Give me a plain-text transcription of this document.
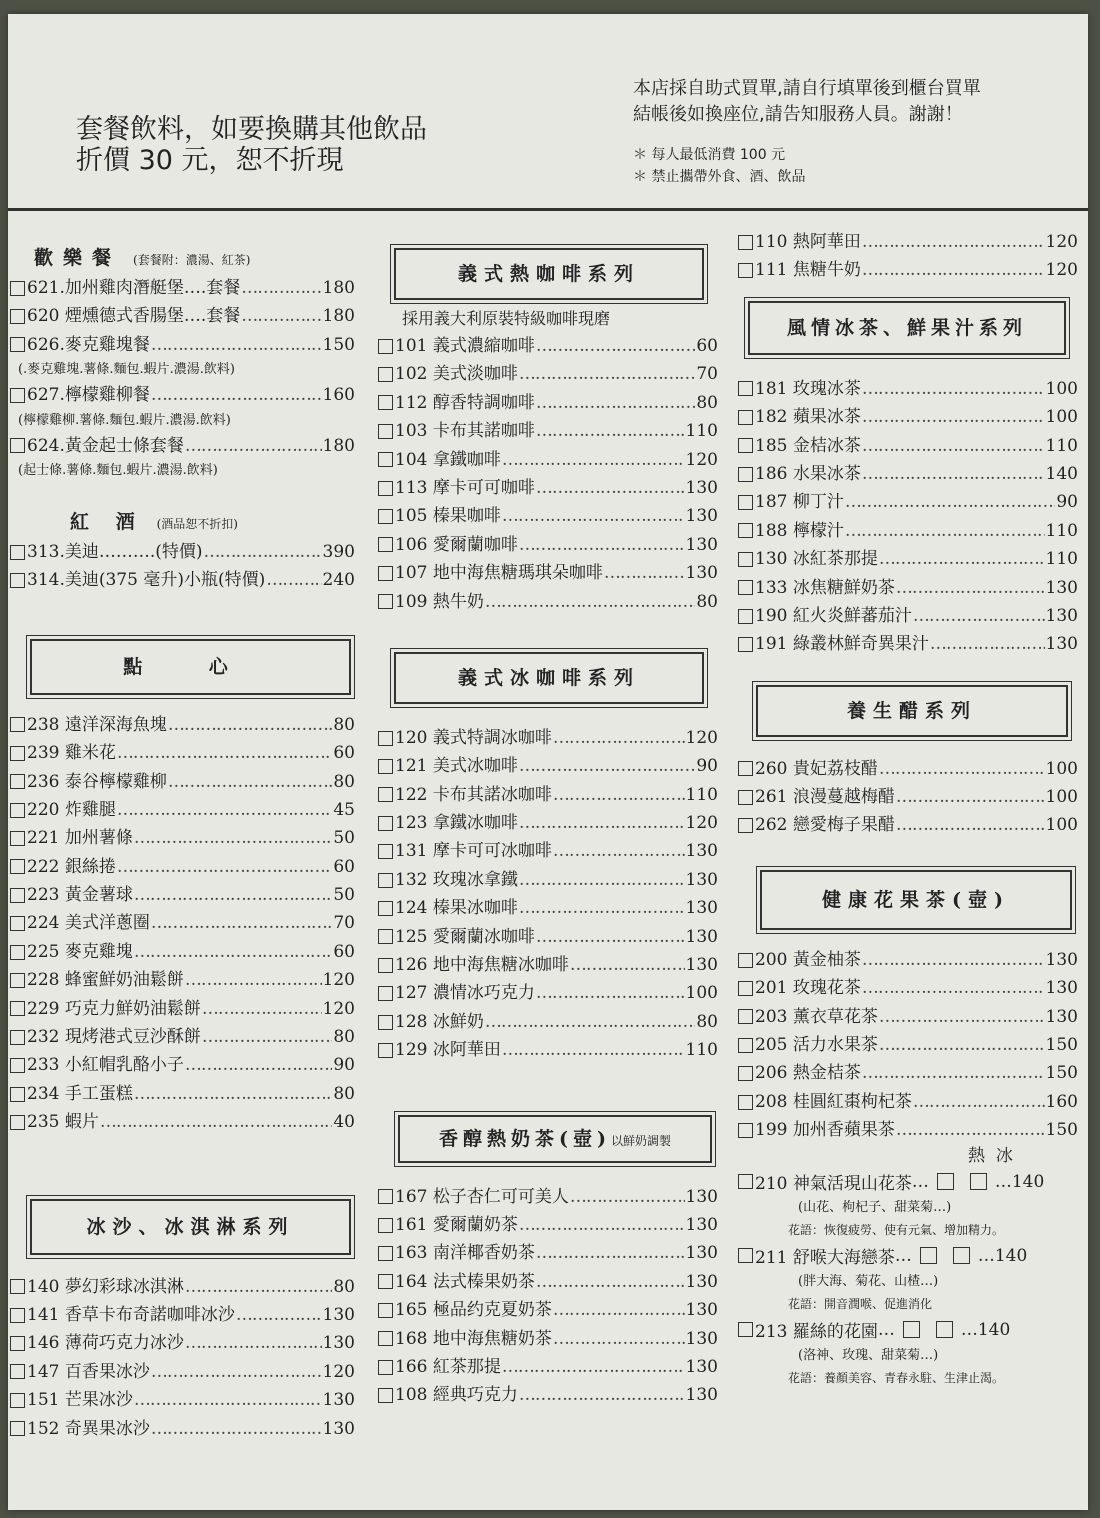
套餐飲料，如要換購其他飲品
折價 30 元，恕不折現
本店採自助式買單,請自行填單後到櫃台買單
結帳後如換座位,請告知服務人員。謝謝！
＊ 每人最低消費 100 元
＊ 禁止攜帶外食、酒、飲品
歡樂餐 (套餐附：濃湯、紅茶)
621.加州雞肉潛艇堡….套餐 ……………………………………………………………………………………………………………………………………	180
620 煙燻德式香腸堡….套餐 ……………………………………………………………………………………………………………………………………	180
626.麥克雞塊餐 ……………………………………………………………………………………………………………………………………	150
(.麥克雞塊.薯條.麵包.蝦片.濃湯.飲料)
627.檸檬雞柳餐 ……………………………………………………………………………………………………………………………………	160
(檸檬雞柳.薯條.麵包.蝦片.濃湯.飲料)
624.黃金起士條套餐 ……………………………………………………………………………………………………………………………………	180
(起士條.薯條.麵包.蝦片.濃湯.飲料)
紅 酒 (酒品恕不折扣)
313.美迪……….(特價) ……………………………………………………………………………………………………………………………………	390
314.美迪(375 毫升)小瓶(特價) ……………………………………………………………………………………………………………………………………	240
點 心
238 遠洋深海魚塊 ……………………………………………………………………………………………………………………………………	80
239 雞米花 ……………………………………………………………………………………………………………………………………	60
236 泰谷檸檬雞柳 ……………………………………………………………………………………………………………………………………	80
220 炸雞腿 ……………………………………………………………………………………………………………………………………	45
221 加州薯條 ……………………………………………………………………………………………………………………………………	50
222 銀絲捲 ……………………………………………………………………………………………………………………………………	60
223 黃金薯球 ……………………………………………………………………………………………………………………………………	50
224 美式洋蔥圈 ……………………………………………………………………………………………………………………………………	70
225 麥克雞塊 ……………………………………………………………………………………………………………………………………	60
228 蜂蜜鮮奶油鬆餅 ……………………………………………………………………………………………………………………………………	120
229 巧克力鮮奶油鬆餅 ……………………………………………………………………………………………………………………………………	120
232 現烤港式豆沙酥餅 ……………………………………………………………………………………………………………………………………	80
233 小紅帽乳酪小子 ……………………………………………………………………………………………………………………………………	90
234 手工蛋糕 ……………………………………………………………………………………………………………………………………	80
235 蝦片 ……………………………………………………………………………………………………………………………………	40
冰沙、冰淇淋系列
140 夢幻彩球冰淇淋 ……………………………………………………………………………………………………………………………………	80
141 香草卡布奇諾咖啡冰沙 ……………………………………………………………………………………………………………………………………	130
146 薄荷巧克力冰沙 ……………………………………………………………………………………………………………………………………	130
147 百香果冰沙 ……………………………………………………………………………………………………………………………………	120
151 芒果冰沙 ……………………………………………………………………………………………………………………………………	130
152 奇異果冰沙 ……………………………………………………………………………………………………………………………………	130
義式熱咖啡系列
採用義大利原裝特級咖啡現磨
101 義式濃縮咖啡 ……………………………………………………………………………………………………………………………………	60
102 美式淡咖啡 ……………………………………………………………………………………………………………………………………	70
112 醇香特調咖啡 ……………………………………………………………………………………………………………………………………	80
103 卡布其諾咖啡 ……………………………………………………………………………………………………………………………………	110
104 拿鐵咖啡 ……………………………………………………………………………………………………………………………………	120
113 摩卡可可咖啡 ……………………………………………………………………………………………………………………………………	130
105 榛果咖啡 ……………………………………………………………………………………………………………………………………	130
106 愛爾蘭咖啡 ……………………………………………………………………………………………………………………………………	130
107 地中海焦糖瑪琪朵咖啡 ……………………………………………………………………………………………………………………………………	130
109 熱牛奶 ……………………………………………………………………………………………………………………………………	80
義式冰咖啡系列
120 義式特調冰咖啡 ……………………………………………………………………………………………………………………………………	120
121 美式冰咖啡 ……………………………………………………………………………………………………………………………………	90
122 卡布其諾冰咖啡 ……………………………………………………………………………………………………………………………………	110
123 拿鐵冰咖啡 ……………………………………………………………………………………………………………………………………	120
131 摩卡可可冰咖啡 ……………………………………………………………………………………………………………………………………	130
132 玫瑰冰拿鐵 ……………………………………………………………………………………………………………………………………	130
124 榛果冰咖啡 ……………………………………………………………………………………………………………………………………	130
125 愛爾蘭冰咖啡 ……………………………………………………………………………………………………………………………………	130
126 地中海焦糖冰咖啡 ……………………………………………………………………………………………………………………………………	130
127 濃情冰巧克力 ……………………………………………………………………………………………………………………………………	100
128 冰鮮奶 ……………………………………………………………………………………………………………………………………	80
129 冰阿華田 ……………………………………………………………………………………………………………………………………	110
香醇熱奶茶(壺)以鮮奶調製
167 松子杏仁可可美人 ……………………………………………………………………………………………………………………………………	130
161 愛爾蘭奶茶 ……………………………………………………………………………………………………………………………………	130
163 南洋椰香奶茶 ……………………………………………………………………………………………………………………………………	130
164 法式榛果奶茶 ……………………………………………………………………………………………………………………………………	130
165 極品约克夏奶茶 ……………………………………………………………………………………………………………………………………	130
168 地中海焦糖奶茶 ……………………………………………………………………………………………………………………………………	130
166 紅茶那提 ……………………………………………………………………………………………………………………………………	130
108 經典巧克力 ……………………………………………………………………………………………………………………………………	130
110 熱阿華田 ……………………………………………………………………………………………………………………………………	120
111 焦糖牛奶 ……………………………………………………………………………………………………………………………………	120
風情冰茶、鮮果汁系列
181 玫瑰冰茶 ……………………………………………………………………………………………………………………………………	100
182 蘋果冰茶 ……………………………………………………………………………………………………………………………………	100
185 金桔冰茶 ……………………………………………………………………………………………………………………………………	110
186 水果冰茶 ……………………………………………………………………………………………………………………………………	140
187 柳丁汁 ……………………………………………………………………………………………………………………………………	90
188 檸檬汁 ……………………………………………………………………………………………………………………………………	110
130 冰紅茶那提 ……………………………………………………………………………………………………………………………………	110
133 冰焦糖鮮奶茶 ……………………………………………………………………………………………………………………………………	130
190 紅火炎鮮蕃茄汁 ……………………………………………………………………………………………………………………………………	130
191 綠叢林鮮奇異果汁 ……………………………………………………………………………………………………………………………………	130
養生醋系列
260 貴妃荔枝醋 ……………………………………………………………………………………………………………………………………	100
261 浪漫蔓越梅醋 ……………………………………………………………………………………………………………………………………	100
262 戀愛梅子果醋 ……………………………………………………………………………………………………………………………………	100
健康花果茶(壺)
200 黃金柚茶 ……………………………………………………………………………………………………………………………………	130
201 玫瑰花茶 ……………………………………………………………………………………………………………………………………	130
203 薰衣草花茶 ……………………………………………………………………………………………………………………………………	130
205 活力水果茶 ……………………………………………………………………………………………………………………………………	150
206 熱金桔茶 ……………………………………………………………………………………………………………………………………	150
208 桂圓紅棗枸杞茶 ……………………………………………………………………………………………………………………………………	160
199 加州香蘋果茶 ……………………………………………………………………………………………………………………………………	150
熱 冰
210 神氣活現山花茶 …	… 140
(山花、枸杞子、甜菜菊…)
花語：恢復疲勞、使有元氣、增加精力。
211 舒喉大海戀茶 …	… 140
(胖大海、菊花、山楂…)
花語：開音潤喉、促進消化
213 羅絲的花園 …	… 140
(洛神、玫瑰、甜菜菊…)
花語：養顏美容、青春永駐、生津止渴。
